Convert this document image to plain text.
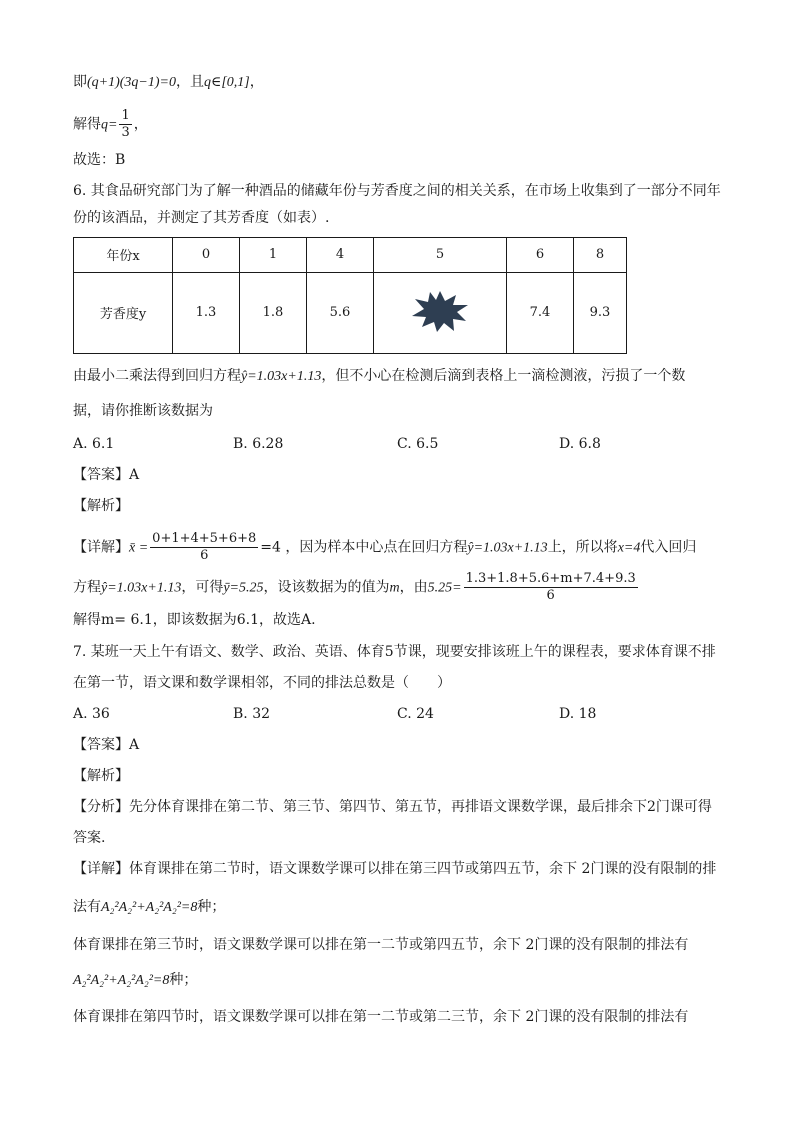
即(q+1)(3q−1)=0，且q∈[0,1]，
解得$q= \frac{1}{3}$ ，
故选：B
6. 其食品研究部门为了解一种酒品的储藏年份与芳香度之间的相关关系，在市场上收集到了一部分不同年
份的该酒品，并测定了其芳香度（如表）.
年份x	0	1	4	5	6	8
芳香度y	1.3	1.8	5.6		7.4	9.3
由最小二乘法得到回归方程ŷ=1.03x+1.13，但不小心在检测后滴到表格上一滴检测液，污损了一个数
据，请你推断该数据为
A. 6.1	B. 6.28	C. 6.5	D. 6.8
【答案】A
【解析】
【详解】x̄ = $\frac{0+1+4+5+6+8}{6} =4$ ，因为样本中心点在回归方程ŷ=1.03x+1.13上，所以将x=4代入回归
方程ŷ=1.03x+1.13，可得ȳ=5.25，设该数据为的值为m，由$5.25= \frac{1.3+1.8+5.6+m+7.4+9.3}{6}$
解得m= 6.1，即该数据为6.1，故选A.
7. 某班一天上午有语文、数学、政治、英语、体育5节课，现要安排该班上午的课程表，要求体育课不排
在第一节，语文课和数学课相邻，不同的排法总数是（　　）
A. 36	B. 32	C. 24	D. 18
【答案】A
【解析】
【分析】先分体育课排在第二节、第三节、第四节、第五节，再排语文课数学课，最后排余下2门课可得
答案.
【详解】体育课排在第二节时，语文课数学课可以排在第三四节或第四五节，余下 2门课的没有限制的排
法有A₂²A₂²+A₂²A₂²=8种；
体育课排在第三节时，语文课数学课可以排在第一二节或第四五节，余下 2门课的没有限制的排法有
A₂²A₂²+A₂²A₂²=8种；
体育课排在第四节时，语文课数学课可以排在第一二节或第二三节，余下 2门课的没有限制的排法有
